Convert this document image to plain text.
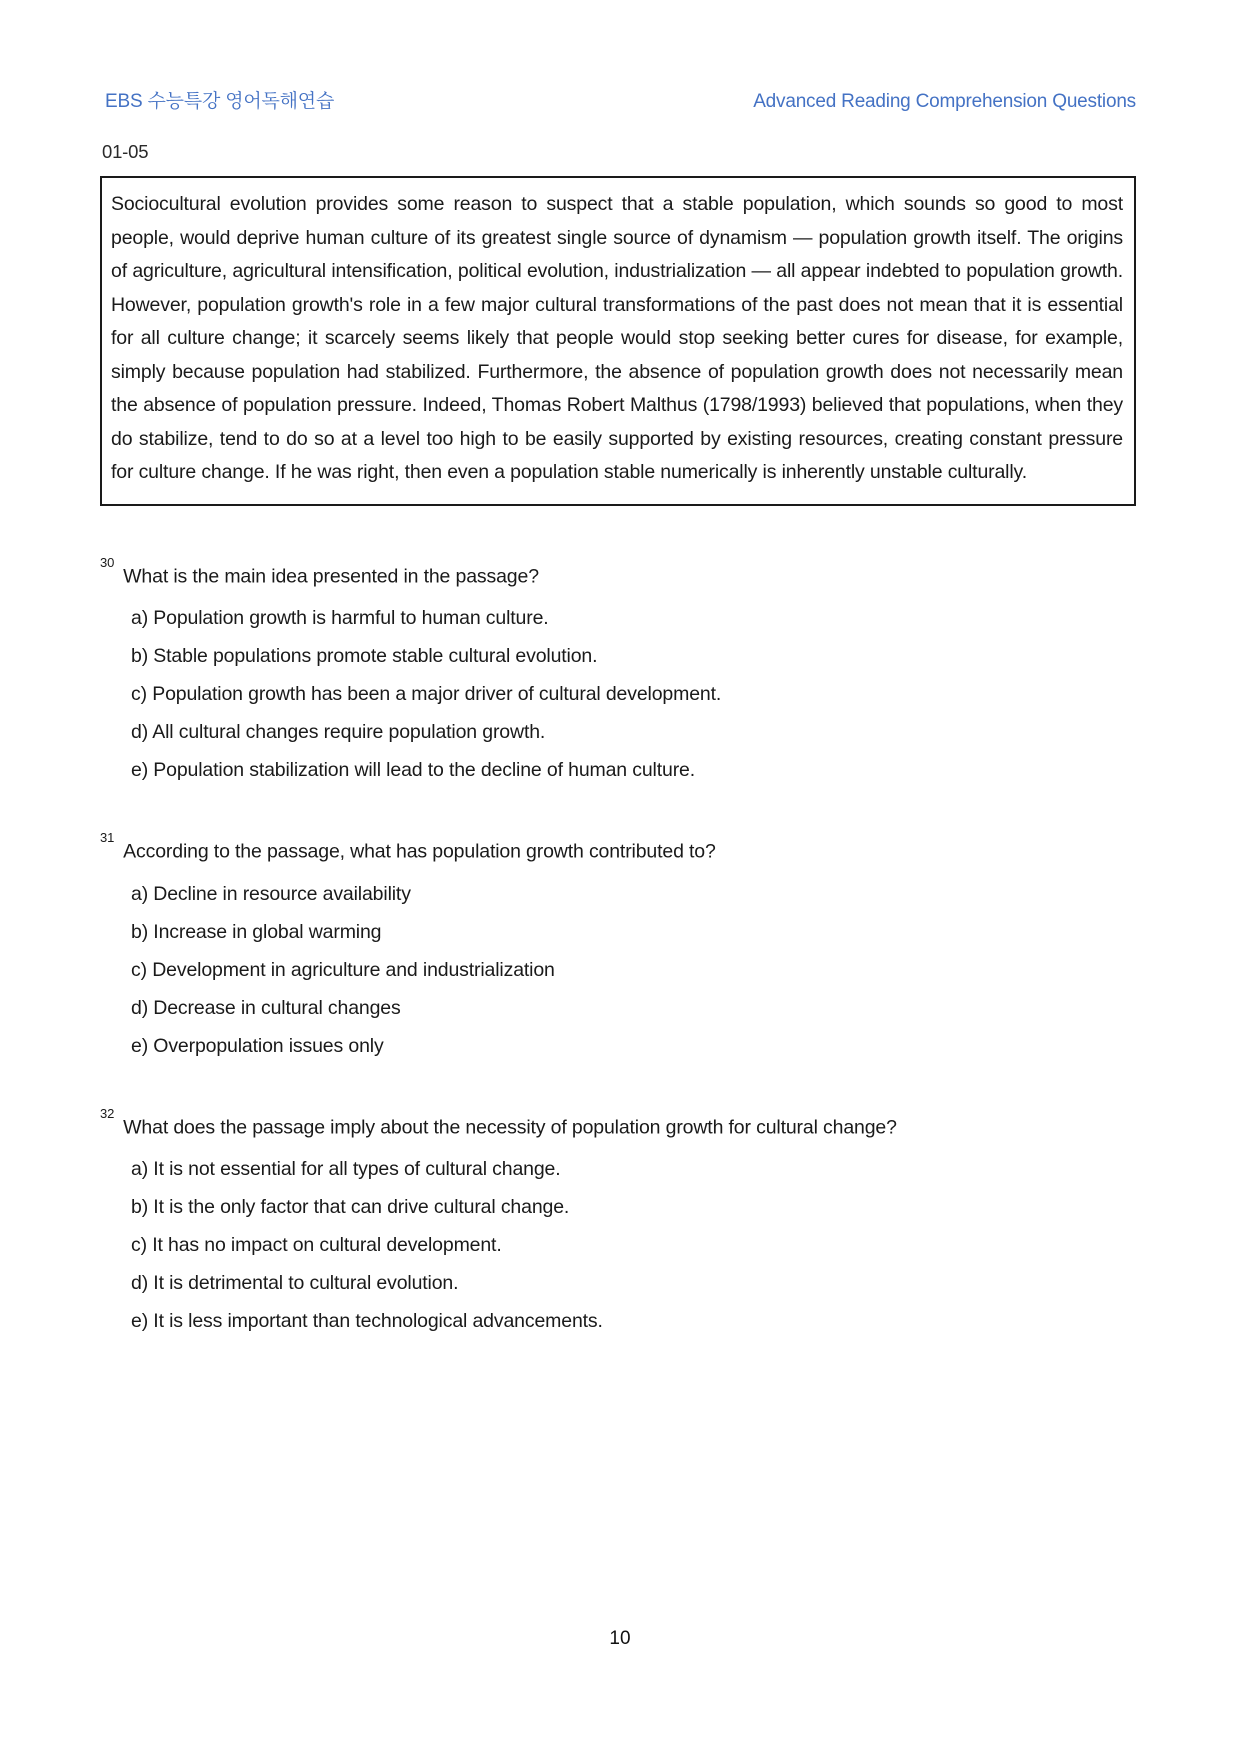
EBS 수능특강 영어독해연습	Advanced Reading Comprehension Questions
01-05
Sociocultural evolution provides some reason to suspect that a stable population, which sounds so good to most people, would deprive human culture of its greatest single source of dynamism — population growth itself. The origins of agriculture, agricultural intensification, political evolution, industrialization — all appear indebted to population growth. However, population growth's role in a few major cultural transformations of the past does not mean that it is essential for all culture change; it scarcely seems likely that people would stop seeking better cures for disease, for example, simply because population had stabilized. Furthermore, the absence of population growth does not necessarily mean the absence of population pressure. Indeed, Thomas Robert Malthus (1798/1993) believed that populations, when they do stabilize, tend to do so at a level too high to be easily supported by existing resources, creating constant pressure for culture change. If he was right, then even a population stable numerically is inherently unstable culturally.
$^{30}$What is the main idea presented in the passage?
a) Population growth is harmful to human culture.
b) Stable populations promote stable cultural evolution.
c) Population growth has been a major driver of cultural development.
d) All cultural changes require population growth.
e) Population stabilization will lead to the decline of human culture.
$^{31}$According to the passage, what has population growth contributed to?
a) Decline in resource availability
b) Increase in global warming
c) Development in agriculture and industrialization
d) Decrease in cultural changes
e) Overpopulation issues only
$^{32}$What does the passage imply about the necessity of population growth for cultural change?
a) It is not essential for all types of cultural change.
b) It is the only factor that can drive cultural change.
c) It has no impact on cultural development.
d) It is detrimental to cultural evolution.
e) It is less important than technological advancements.
10
